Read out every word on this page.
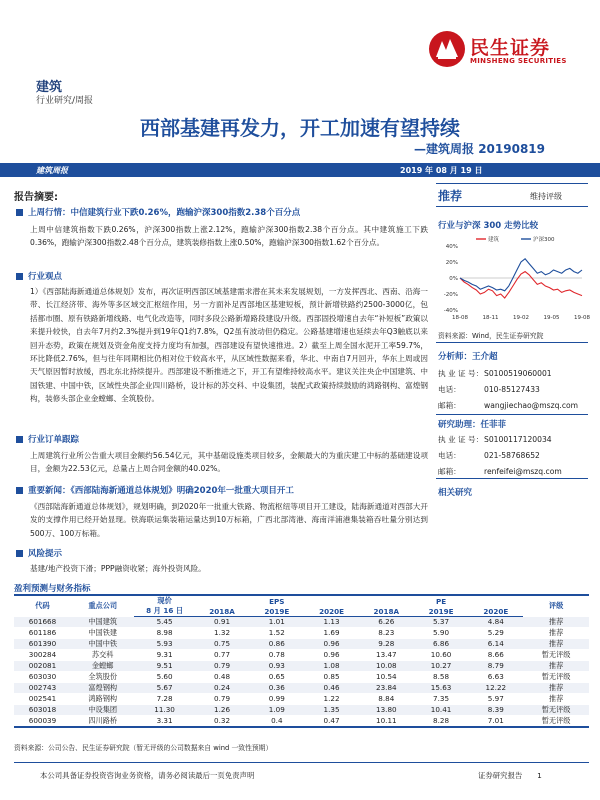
民生证券
MINSHENG SECURITIES
建筑
行业研究/周报
西部基建再发力，开工加速有望持续
—建筑周报 20190819
建筑周报	2019 年 08 月 19 日
报告摘要:
上周行情：中信建筑行业下跌0.26%，跑输沪深300指数2.38个百分点
上周中信建筑指数下跌0.26%，沪深300指数上涨2.12%，跑输沪深300指数2.38个百分点。其中建筑施工下跌0.36%，跑输沪深300指数2.48个百分点，建筑装修指数上涨0.50%，跑输沪深300指数1.62个百分点。
行业观点
1）《西部陆海新通道总体规划》发布，再次证明西部区域基建需求潜在其未来发展规划，一方发挥西北、西南、沿海一带、长江经济带、海外等多区域交汇枢纽作用，另一方面补足西部地区基建短板，预计新增铁路约2500-3000亿，包括都市圈、原有铁路新增线路、电气化改造等，同时多段公路新增路段建设/升级。西部固投增速自去年“补短板”政策以来提升较快，自去年7月约2.3%提升到19年Q1约7.8%，Q2虽有波动但仍稳定。公路基建增速也延续去年Q3触底以来回升态势，政策在规划及资金角度支持力度均有加强，西部建设有望快速推进。2）截至上周全国水泥开工率59.7%，环比降低2.76%，但与往年同期相比仍相对位于较高水平，从区域性数据来看，华北、中南自7月回升，华东上周或因天气原因暂时放缓，西北东北持续提升。西部建设不断推进之下，开工有望维持较高水平。建议关注央企中国建筑、中国铁建、中国中铁，区域性央部企业四川路桥，设计标的苏交科、中设集团，装配式政策持续鼓励的鸿路钢构、富煌钢构，装修头部企业金螳螂、全筑股份。
行业订单跟踪
上周建筑行业所公告重大项目金额约56.54亿元，其中基础设施类项目较多，金额最大的为重庆建工中标的基础建设项目，金额为22.53亿元，总量占上周合同金额的40.02%。
重要新闻：《西部陆海新通道总体规划》明确2020年一批重大项目开工
《西部陆海新通道总体规划》，规划明确，到2020年一批重大铁路、物流枢纽等项目开工建设，陆海新通道对西部大开发的支撑作用已经开始显现。铁海联运集装箱运量达到10万标箱，广西北部湾港、海南洋浦港集装箱吞吐量分别达到500万、100万标箱。
风险提示
基建/地产投资下滑；PPP融资收紧；海外投资风险。
推荐	维持评级
行业与沪深 300 走势比较
40%
20%
0%
-20%
-40%
18-08	18-11	19-02	19-05	19-08
建筑	沪深300
资料来源：Wind，民生证券研究院
分析师：王介超
执 业 证 号：S0100519060001
电话：	010-85127433
邮箱：	wangjiechao@mszq.com
研究助理：任菲菲
执 业 证 号：S0100117120034
电话：	021-58768652
邮箱：	renfeifei@mszq.com
相关研究
盈利预测与财务指标
代码	重点公司	现价	EPS			PE			评级
		8 月 16 日	2018A	2019E	2020E	2018A	2019E	2020E	
601668	中国建筑	5.45	0.91	1.01	1.13	6.26	5.37	4.84	推荐
601186	中国铁建	8.98	1.32	1.52	1.69	8.23	5.90	5.29	推荐
601390	中国中铁	5.93	0.75	0.86	0.96	9.28	6.86	6.14	推荐
300284	苏交科	9.31	0.77	0.78	0.96	13.47	10.60	8.66	暂无评级
002081	金螳螂	9.51	0.79	0.93	1.08	10.08	10.27	8.79	推荐
603030	全筑股份	5.60	0.48	0.65	0.85	10.54	8.58	6.63	暂无评级
002743	富煌钢构	5.67	0.24	0.36	0.46	23.84	15.63	12.22	推荐
002541	鸿路钢构	7.28	0.79	0.99	1.22	8.84	7.35	5.97	推荐
603018	中设集团	11.30	1.26	1.09	1.35	13.80	10.41	8.39	暂无评级
600039	四川路桥	3.31	0.32	0.4	0.47	10.11	8.28	7.01	暂无评级
资料来源：公司公告、民生证券研究院（暂无评级的公司数据来自 wind 一致性预期）
本公司具备证券投资咨询业务资格，请务必阅读最后一页免责声明	证券研究报告　　1
